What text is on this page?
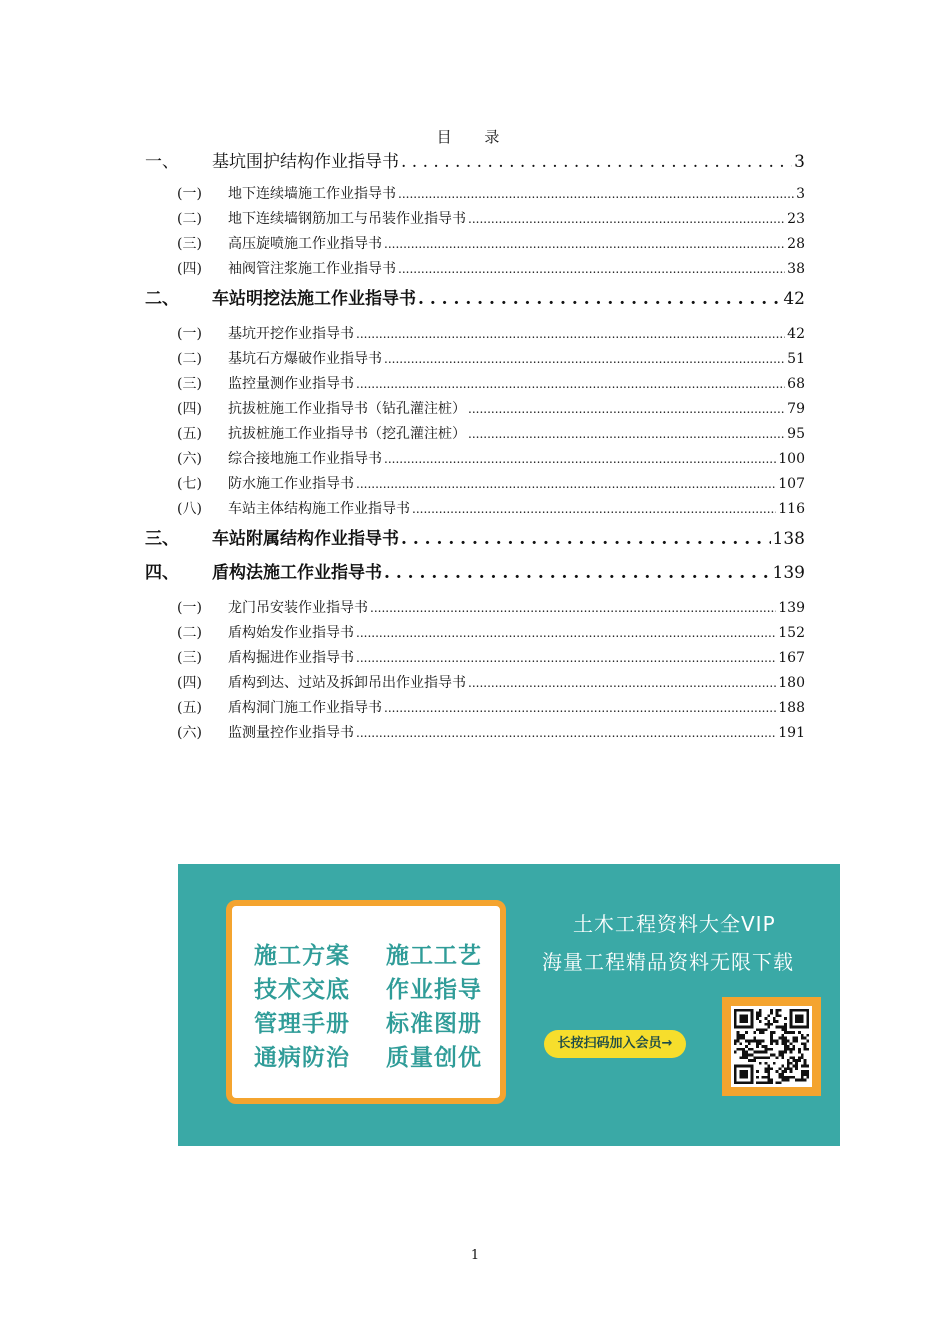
目 录
一、	基坑围护结构作业指导书 . . .	3
(一)	地下连续墙施工作业指导书 .....	3
(二)	地下连续墙钢筋加工与吊装作业指导书 .....	23
(三)	高压旋喷施工作业指导书 .....	28
(四)	袖阀管注浆施工作业指导书 .....	38
二、	车站明挖法施工作业指导书 . . .	42
(一)	基坑开挖作业指导书 .....	42
(二)	基坑石方爆破作业指导书 .....	51
(三)	监控量测作业指导书 .....	68
(四)	抗拔桩施工作业指导书（钻孔灌注桩） .....	79
(五)	抗拔桩施工作业指导书（挖孔灌注桩） .....	95
(六)	综合接地施工作业指导书 .....	100
(七)	防水施工作业指导书 .....	107
(八)	车站主体结构施工作业指导书 .....	116
三、	车站附属结构作业指导书 . . .	138
四、	盾构法施工作业指导书 . . .	139
(一)	龙门吊安装作业指导书 .....	139
(二)	盾构始发作业指导书 .....	152
(三)	盾构掘进作业指导书 .....	167
(四)	盾构到达、过站及拆卸吊出作业指导书 .....	180
(五)	盾构洞门施工作业指导书 .....	188
(六)	监测量控作业指导书 .....	191
施工方案	施工工艺
技术交底	作业指导
管理手册	标准图册
通病防治	质量创优
土木工程资料大全VIP
海量工程精品资料无限下载
长按扫码加入会员→
1
